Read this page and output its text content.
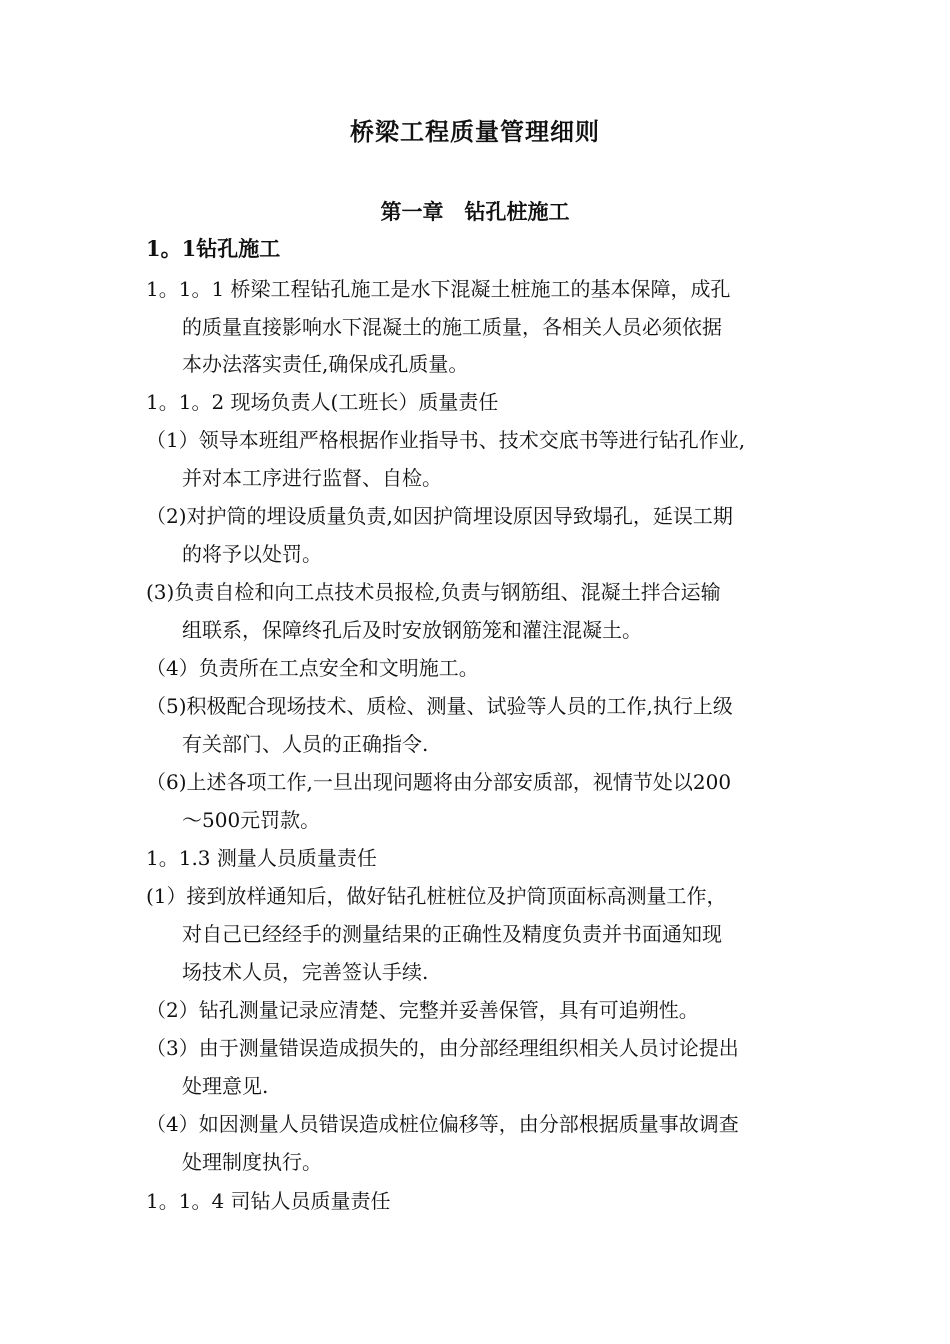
桥梁工程质量管理细则
第一章　钻孔桩施工
1。1钻孔施工
1。1。1 桥梁工程钻孔施工是水下混凝土桩施工的基本保障，成孔
的质量直接影响水下混凝土的施工质量，各相关人员必须依据
本办法落实责任,确保成孔质量。
1。1。2 现场负责人(工班长）质量责任
（1）领导本班组严格根据作业指导书、技术交底书等进行钻孔作业,
并对本工序进行监督、自检。
（2)对护筒的埋设质量负责,如因护筒埋设原因导致塌孔，延误工期
的将予以处罚。
(3)负责自检和向工点技术员报检,负责与钢筋组、混凝土拌合运输
组联系，保障终孔后及时安放钢筋笼和灌注混凝土。
（4）负责所在工点安全和文明施工。
（5)积极配合现场技术、质检、测量、试验等人员的工作,执行上级
有关部门、人员的正确指令.
（6)上述各项工作,一旦出现问题将由分部安质部，视情节处以200
～500元罚款。
1。1.3 测量人员质量责任
(1）接到放样通知后，做好钻孔桩桩位及护筒顶面标高测量工作，
对自己已经经手的测量结果的正确性及精度负责并书面通知现
场技术人员，完善签认手续.
（2）钻孔测量记录应清楚、完整并妥善保管，具有可追朔性。
（3）由于测量错误造成损失的，由分部经理组织相关人员讨论提出
处理意见.
（4）如因测量人员错误造成桩位偏移等，由分部根据质量事故调查
处理制度执行。
1。1。4 司钻人员质量责任
